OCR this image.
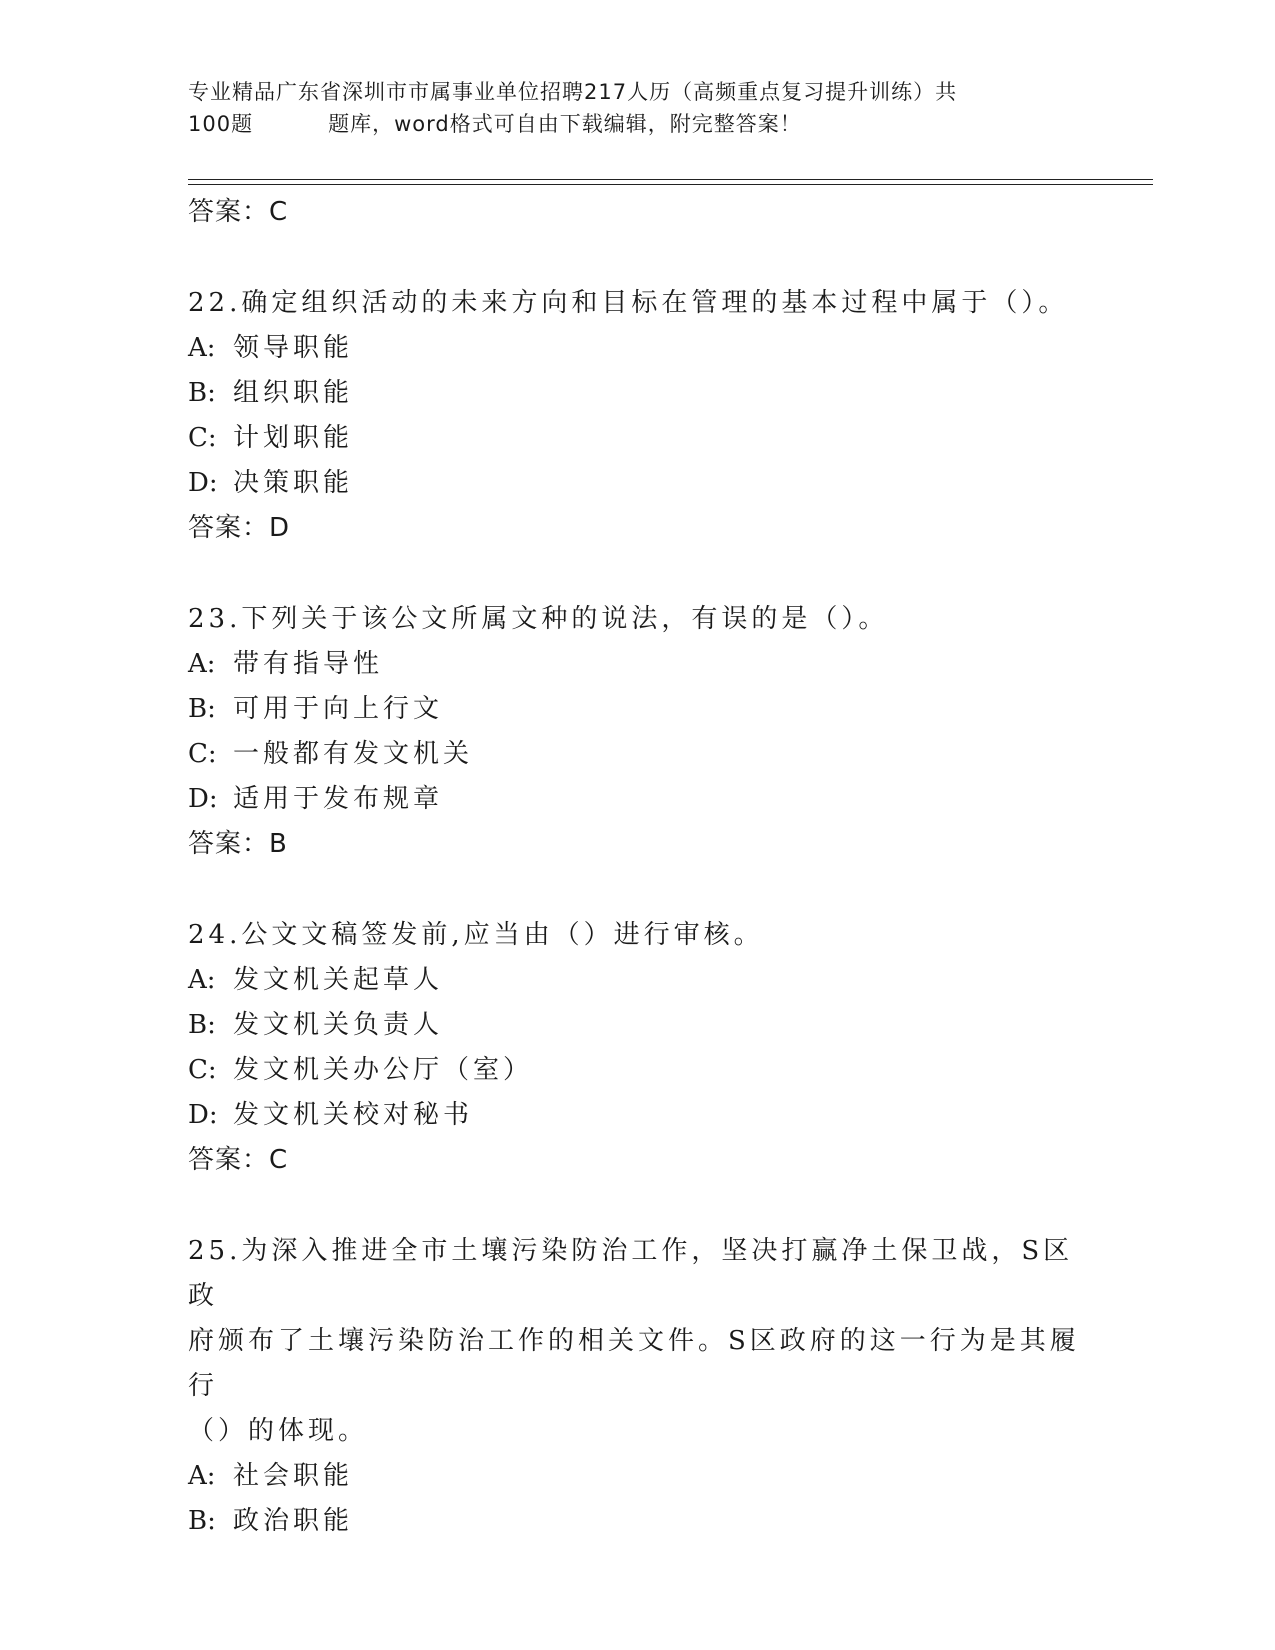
专业精品广东省深圳市市属事业单位招聘217人历（高频重点复习提升训练）共
100题	题库，word格式可自由下载编辑，附完整答案！
答案：C
22.确定组织活动的未来方向和目标在管理的基本过程中属于（）。
A: 领导职能
B: 组织职能
C: 计划职能
D: 决策职能
答案：D
23.下列关于该公文所属文种的说法，有误的是（）。
A: 带有指导性
B: 可用于向上行文
C: 一般都有发文机关
D: 适用于发布规章
答案：B
24.公文文稿签发前,应当由（）进行审核。
A: 发文机关起草人
B: 发文机关负责人
C: 发文机关办公厅（室）
D: 发文机关校对秘书
答案：C
25.为深入推进全市土壤污染防治工作，坚决打赢净土保卫战，S区政
府颁布了土壤污染防治工作的相关文件。S区政府的这一行为是其履行
（）的体现。
A: 社会职能
B: 政治职能
